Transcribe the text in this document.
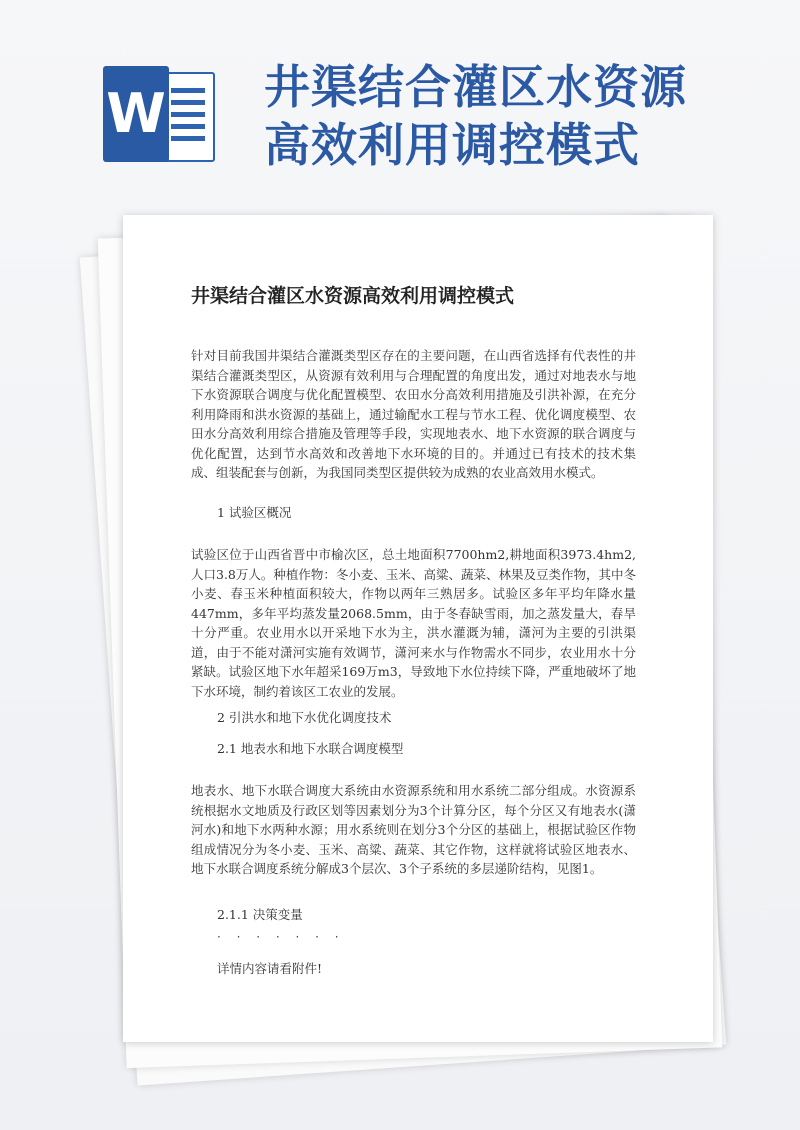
W 井渠结合灌区水资源高效利用调控模式
井渠结合灌区水资源高效利用调控模式
针对目前我国井渠结合灌溉类型区存在的主要问题，在山西省选择有代表性的井渠结合灌溉类型区，从资源有效利用与合理配置的角度出发，通过对地表水与地下水资源联合调度与优化配置模型、农田水分高效利用措施及引洪补源，在充分利用降雨和洪水资源的基础上，通过输配水工程与节水工程、优化调度模型、农田水分高效利用综合措施及管理等手段，实现地表水、地下水资源的联合调度与优化配置，达到节水高效和改善地下水环境的目的。并通过已有技术的技术集成、组装配套与创新，为我国同类型区提供较为成熟的农业高效用水模式。
1 试验区概况
试验区位于山西省晋中市榆次区，总土地面积7700hm2,耕地面积3973.4hm2,人口3.8万人。种植作物：冬小麦、玉米、高粱、蔬菜、林果及豆类作物，其中冬小麦、春玉米种植面积较大，作物以两年三熟居多。试验区多年平均年降水量447mm，多年平均蒸发量2068.5mm，由于冬春缺雪雨，加之蒸发量大，春旱十分严重。农业用水以开采地下水为主，洪水灌溉为辅，潇河为主要的引洪渠道，由于不能对潇河实施有效调节，潇河来水与作物需水不同步，农业用水十分紧缺。试验区地下水年超采169万m3，导致地下水位持续下降，严重地破坏了地下水环境，制约着该区工农业的发展。
2 引洪水和地下水优化调度技术
2.1 地表水和地下水联合调度模型
地表水、地下水联合调度大系统由水资源系统和用水系统二部分组成。水资源系统根据水文地质及行政区划等因素划分为3个计算分区，每个分区又有地表水(潇河水)和地下水两种水源；用水系统则在划分3个分区的基础上，根据试验区作物组成情况分为冬小麦、玉米、高粱、蔬菜、其它作物，这样就将试验区地表水、地下水联合调度系统分解成3个层次、3个子系统的多层递阶结构，见图1。
2.1.1 决策变量
· · · · · · ·
详情内容请看附件!
